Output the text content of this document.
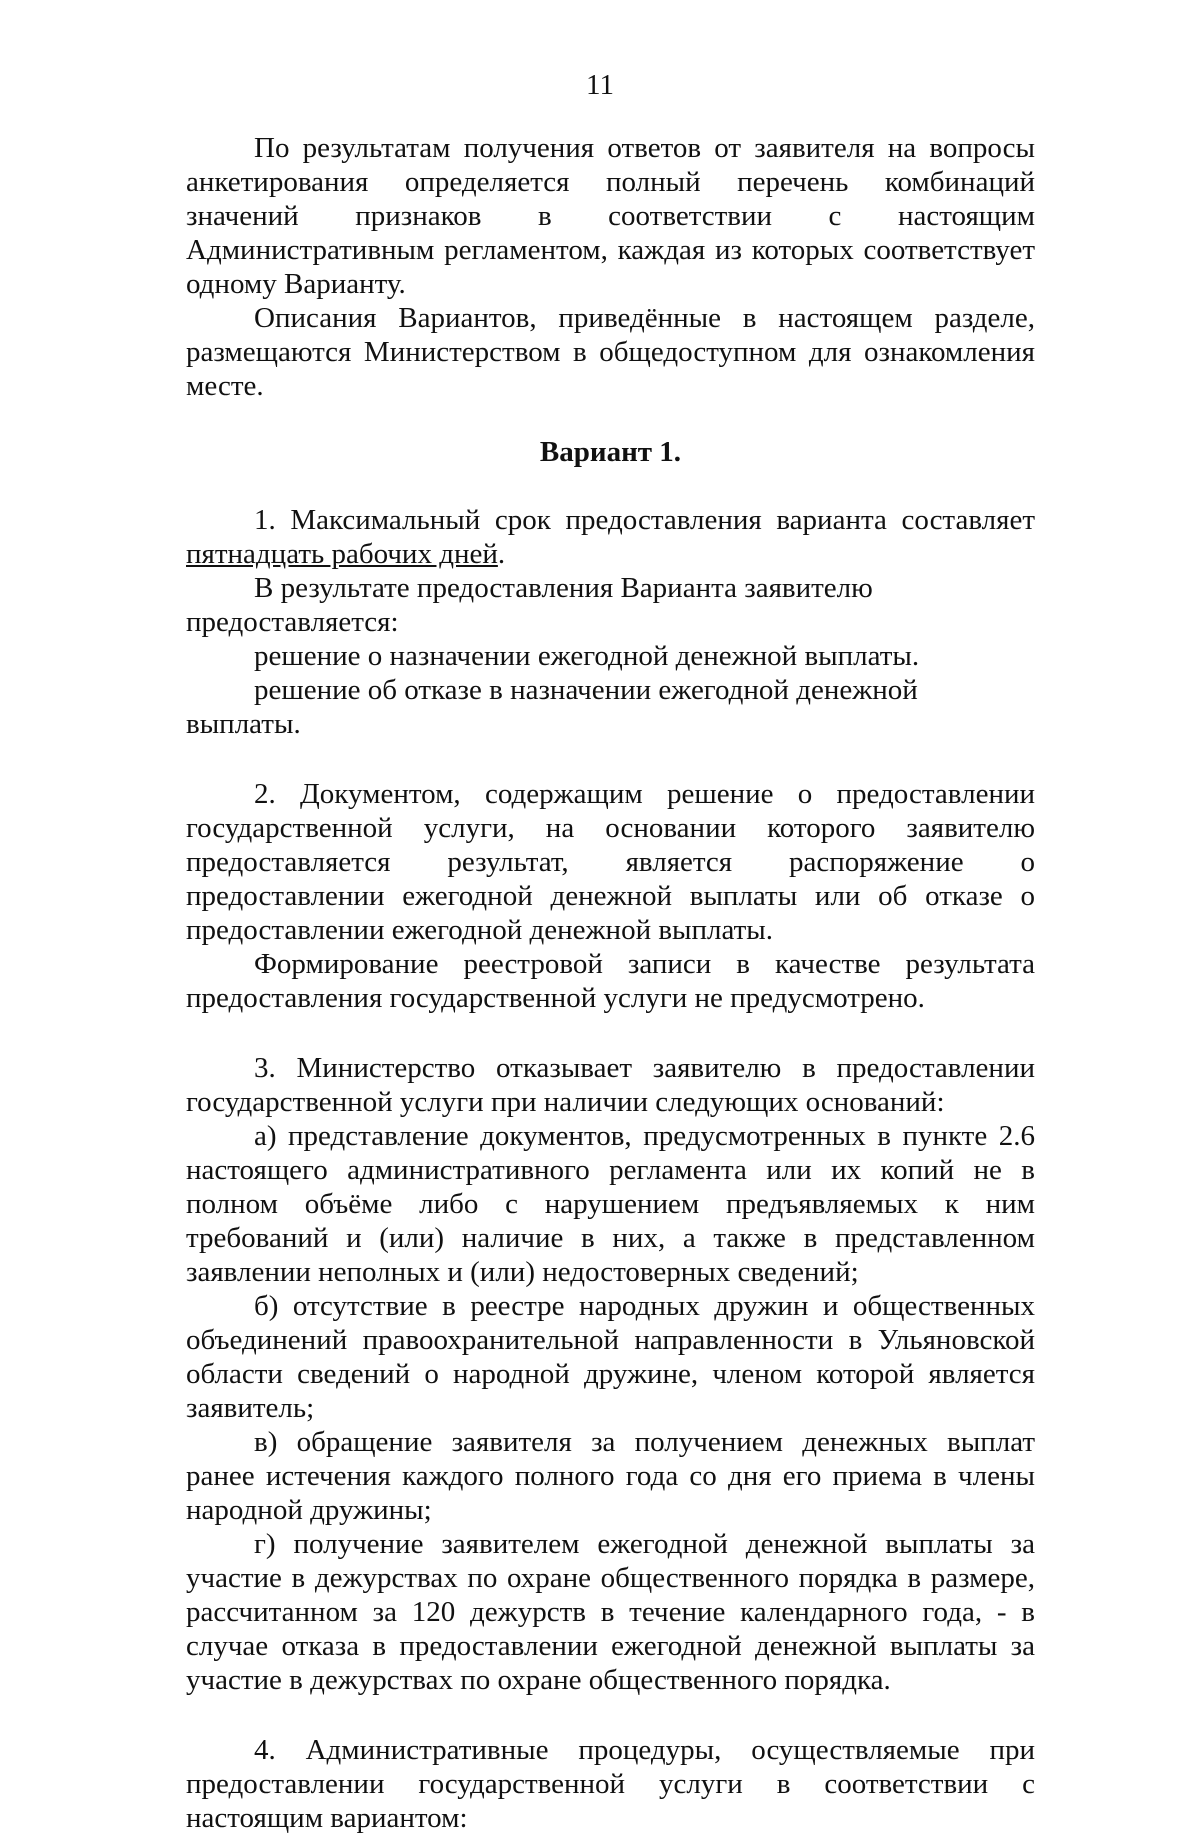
11

По результатам получения ответов от заявителя на вопросы анкетирования определяется полный перечень комбинаций значений признаков в соответствии с настоящим Административным регламентом, каждая из которых соответствует одному Варианту.

Описания Вариантов, приведённые в настоящем разделе, размещаются Министерством в общедоступном для ознакомления месте.

Вариант 1.

1. Максимальный срок предоставления варианта составляет пятнадцать рабочих дней.

В результате предоставления Варианта заявителю предоставляется:

решение о назначении ежегодной денежной выплаты.

решение об отказе в назначении ежегодной денежной выплаты.

2. Документом, содержащим решение о предоставлении государственной услуги, на основании которого заявителю предоставляется результат, является распоряжение о предоставлении ежегодной денежной выплаты или об отказе о предоставлении ежегодной денежной выплаты.

Формирование реестровой записи в качестве результата предоставления государственной услуги не предусмотрено.

3. Министерство отказывает заявителю в предоставлении государственной услуги при наличии следующих оснований:

а) представление документов, предусмотренных в пункте 2.6 настоящего административного регламента или их копий не в полном объёме либо с нарушением предъявляемых к ним требований и (или) наличие в них, а также в представленном заявлении неполных и (или) недостоверных сведений;

б) отсутствие в реестре народных дружин и общественных объединений правоохранительной направленности в Ульяновской области сведений о народной дружине, членом которой является заявитель;

в) обращение заявителя за получением денежных выплат ранее истечения каждого полного года со дня его приема в члены народной дружины;

г) получение заявителем ежегодной денежной выплаты за участие в дежурствах по охране общественного порядка в размере, рассчитанном за 120 дежурств в течение календарного года, - в случае отказа в предоставлении ежегодной денежной выплаты за участие в дежурствах по охране общественного порядка.

4. Административные процедуры, осуществляемые при предоставлении государственной услуги в соответствии с настоящим вариантом:
